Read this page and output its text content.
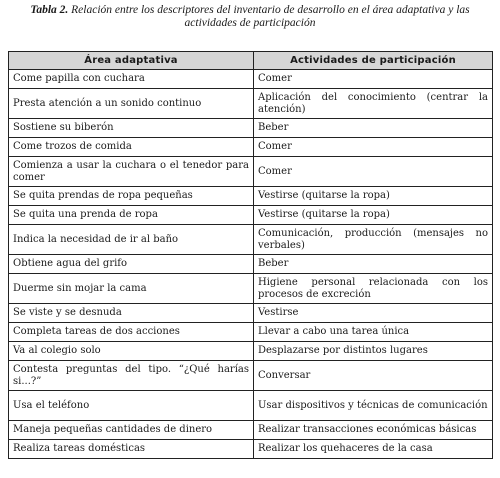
Tabla 2. Relación entre los descriptores del inventario de desarrollo en el área adaptativa y las actividades de participación
Área adaptativa	Actividades de participación
Come papilla con cuchara	Comer
Presta atención a un sonido continuo	Aplicación del conocimiento (centrar la atención)
Sostiene su biberón	Beber
Come trozos de comida	Comer
Comienza a usar la cuchara o el tenedor para comer	Comer
Se quita prendas de ropa pequeñas	Vestirse (quitarse la ropa)
Se quita una prenda de ropa	Vestirse (quitarse la ropa)
Indica la necesidad de ir al baño	Comunicación, producción (mensajes no verbales)
Obtiene agua del grifo	Beber
Duerme sin mojar la cama	Higiene personal relacionada con los procesos de excreción
Se viste y se desnuda	Vestirse
Completa tareas de dos acciones	Llevar a cabo una tarea única
Va al colegio solo	Desplazarse por distintos lugares
Contesta preguntas del tipo. “¿Qué harías si...?”	Conversar
Usa el teléfono	Usar dispositivos y técnicas de comunicación
Maneja pequeñas cantidades de dinero	Realizar transacciones económicas básicas
Realiza tareas domésticas	Realizar los quehaceres de la casa
